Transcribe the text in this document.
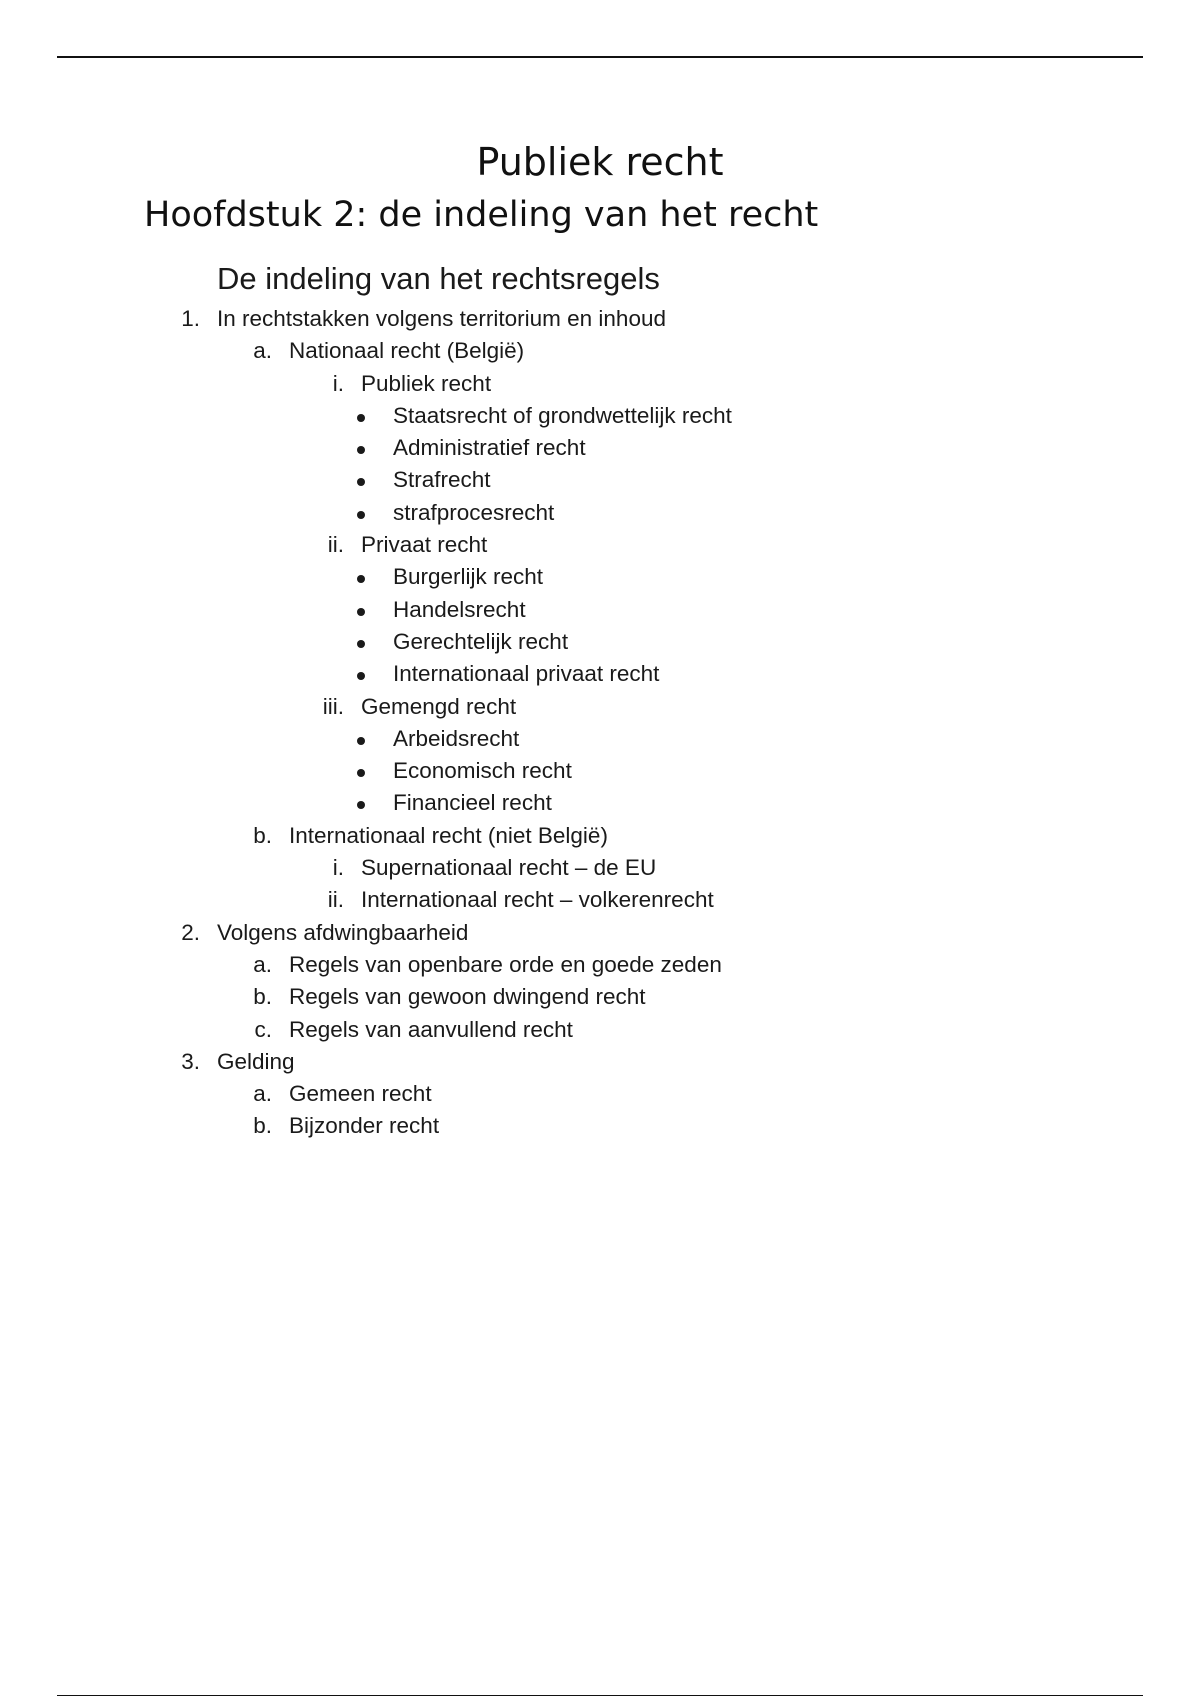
Publiek recht
Hoofdstuk 2: de indeling van het recht
De indeling van het rechtsregels
1. In rechtstakken volgens territorium en inhoud
a. Nationaal recht (België)
i. Publiek recht
Staatsrecht of grondwettelijk recht
Administratief recht
Strafrecht
strafprocesrecht
ii. Privaat recht
Burgerlijk recht
Handelsrecht
Gerechtelijk recht
Internationaal privaat recht
iii. Gemengd recht
Arbeidsrecht
Economisch recht
Financieel recht
b. Internationaal recht (niet België)
i. Supernationaal recht – de EU
ii. Internationaal recht – volkerenrecht
2. Volgens afdwingbaarheid
a. Regels van openbare orde en goede zeden
b. Regels van gewoon dwingend recht
c. Regels van aanvullend recht
3. Gelding
a. Gemeen recht
b. Bijzonder recht
